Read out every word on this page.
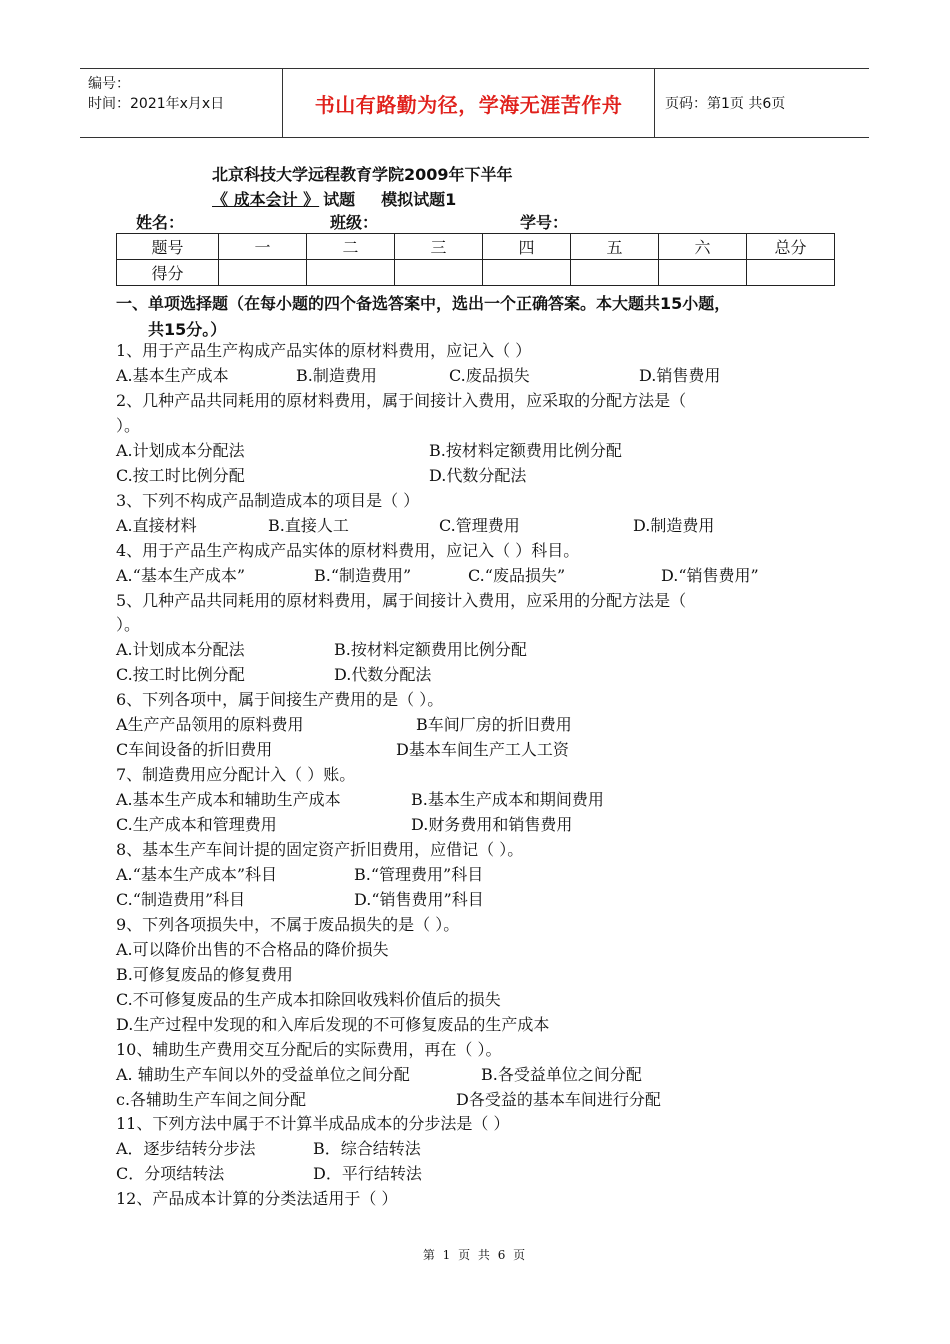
编号：
时间：2021年x月x日	书山有路勤为径，学海无涯苦作舟	页码：第1页 共6页
北京科技大学远程教育学院2009年下半年
《 成本会计 》 试题 模拟试题1
姓名：	班级：	学号：
题号	一	二	三	四	五	六	总分
得分							
一、单项选择题（在每小题的四个备选答案中，选出一个正确答案。本大题共15小题，
共15分。）
1、用于产品生产构成产品实体的原材料费用，应记入（ ）
A.基本生产成本	B.制造费用	C.废品损失	D.销售费用
2、几种产品共同耗用的原材料费用，属于间接计入费用，应采取的分配方法是（
）。
A.计划成本分配法	B.按材料定额费用比例分配
C.按工时比例分配	D.代数分配法
3、下列不构成产品制造成本的项目是（ ）
A.直接材料	B.直接人工	C.管理费用	D.制造费用
4、用于产品生产构成产品实体的原材料费用，应记入（ ）科目。
A.“基本生产成本”	B.“制造费用”	C.“废品损失”	D.“销售费用”
5、几种产品共同耗用的原材料费用，属于间接计入费用，应采用的分配方法是（
）。
A.计划成本分配法	B.按材料定额费用比例分配
C.按工时比例分配	D.代数分配法
6、下列各项中，属于间接生产费用的是（ ）。
A生产产品领用的原料费用	B车间厂房的折旧费用
C车间设备的折旧费用	D基本车间生产工人工资
7、制造费用应分配计入（ ）账。
A.基本生产成本和辅助生产成本	B.基本生产成本和期间费用
C.生产成本和管理费用	D.财务费用和销售费用
8、基本生产车间计提的固定资产折旧费用，应借记（ ）。
A.“基本生产成本”科目	B.“管理费用”科目
C.“制造费用”科目	D.“销售费用”科目
9、下列各项损失中，不属于废品损失的是（ ）。
A.可以降价出售的不合格品的降价损失
B.可修复废品的修复费用
C.不可修复废品的生产成本扣除回收残料价值后的损失
D.生产过程中发现的和入库后发现的不可修复废品的生产成本
10、辅助生产费用交互分配后的实际费用，再在（ ）。
A. 辅助生产车间以外的受益单位之间分配	B.各受益单位之间分配
c.各辅助生产车间之间分配	D各受益的基本车间进行分配
11、下列方法中属于不计算半成品成本的分步法是（ ）
A．逐步结转分步法	B．综合结转法
C．分项结转法	D．平行结转法
12、产品成本计算的分类法适用于（ ）
第 1 页 共 6 页
